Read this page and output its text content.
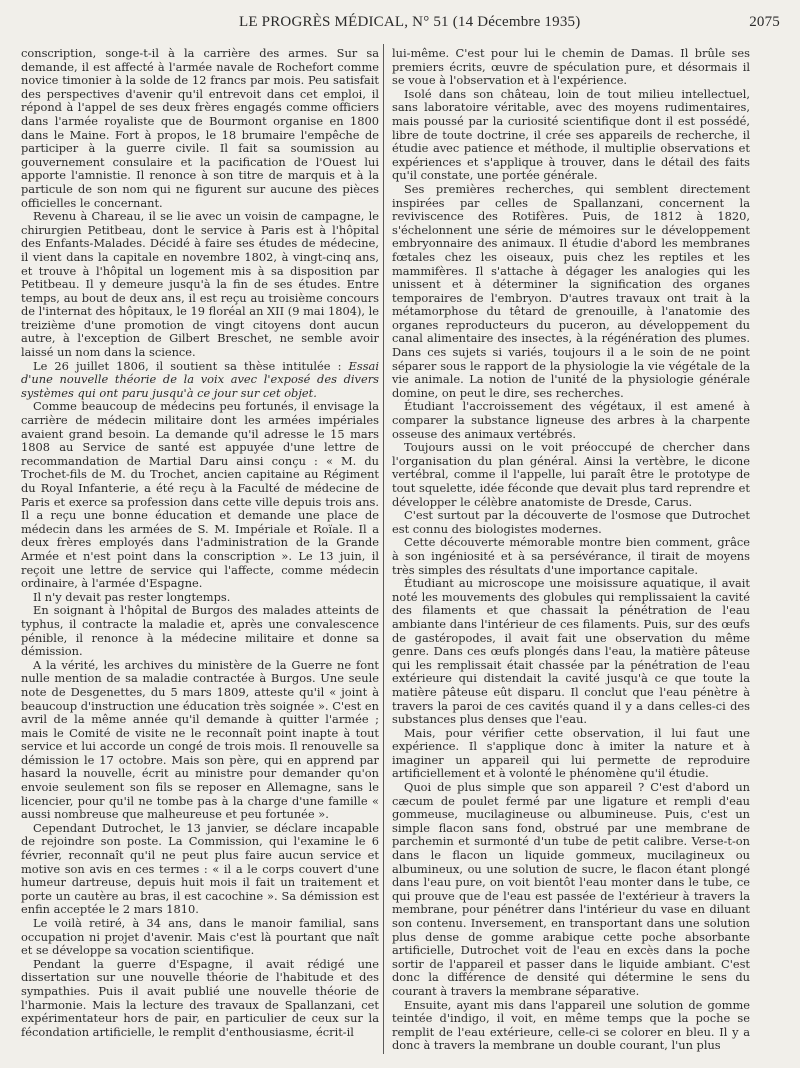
LE PROGRÈS MÉDICAL, N° 51 (14 Décembre 1935)	2075

conscription, songe-t-il à la carrière des armes. Sur sa demande, il est affecté à l'armée navale de Rochefort comme novice timonier à la solde de 12 francs par mois. Peu satisfait des perspectives d'avenir qu'il entrevoit dans cet emploi, il répond à l'appel de ses deux frères engagés comme officiers dans l'armée royaliste que de Bourmont organise en 1800 dans le Maine. Fort à propos, le 18 brumaire l'empêche de participer à la guerre civile. Il fait sa soumission au gouvernement consulaire et la pacification de l'Ouest lui apporte l'amnistie. Il renonce à son titre de marquis et à la particule de son nom qui ne figurent sur aucune des pièces officielles le concernant.

Revenu à Chareau, il se lie avec un voisin de campagne, le chirurgien Petitbeau, dont le service à Paris est à l'hôpital des Enfants-Malades. Décidé à faire ses études de médecine, il vient dans la capitale en novembre 1802, à vingt-cinq ans, et trouve à l'hôpital un logement mis à sa disposition par Petitbeau. Il y demeure jusqu'à la fin de ses études. Entre temps, au bout de deux ans, il est reçu au troisième concours de l'internat des hôpitaux, le 19 floréal an XII (9 mai 1804), le treizième d'une promotion de vingt citoyens dont aucun autre, à l'exception de Gilbert Breschet, ne semble avoir laissé un nom dans la science.

Le 26 juillet 1806, il soutient sa thèse intitulée : Essai d'une nouvelle théorie de la voix avec l'exposé des divers systèmes qui ont paru jusqu'à ce jour sur cet objet.

Comme beaucoup de médecins peu fortunés, il envisage la carrière de médecin militaire dont les armées impériales avaient grand besoin. La demande qu'il adresse le 15 mars 1808 au Service de santé est appuyée d'une lettre de recommandation de Martial Daru ainsi conçu : « M. du Trochet-fils de M. du Trochet, ancien capitaine au Régiment du Royal Infanterie, a été reçu à la Faculté de médecine de Paris et exerce sa profession dans cette ville depuis trois ans. Il a reçu une bonne éducation et demande une place de médecin dans les armées de S. M. Impériale et Roïale. Il a deux frères employés dans l'administration de la Grande Armée et n'est point dans la conscription ». Le 13 juin, il reçoit une lettre de service qui l'affecte, comme médecin ordinaire, à l'armée d'Espagne.

Il n'y devait pas rester longtemps.

En soignant à l'hôpital de Burgos des malades atteints de typhus, il contracte la maladie et, après une convalescence pénible, il renonce à la médecine militaire et donne sa démission.

A la vérité, les archives du ministère de la Guerre ne font nulle mention de sa maladie contractée à Burgos. Une seule note de Desgenettes, du 5 mars 1809, atteste qu'il « joint à beaucoup d'instruction une éducation très soignée ». C'est en avril de la même année qu'il demande à quitter l'armée ; mais le Comité de visite ne le reconnaît point inapte à tout service et lui accorde un congé de trois mois. Il renouvelle sa démission le 17 octobre. Mais son père, qui en apprend par hasard la nouvelle, écrit au ministre pour demander qu'on envoie seulement son fils se reposer en Allemagne, sans le licencier, pour qu'il ne tombe pas à la charge d'une famille « aussi nombreuse que malheureuse et peu fortunée ».

Cependant Dutrochet, le 13 janvier, se déclare incapable de rejoindre son poste. La Commission, qui l'examine le 6 février, reconnaît qu'il ne peut plus faire aucun service et motive son avis en ces termes : « il a le corps couvert d'une humeur dartreuse, depuis huit mois il fait un traitement et porte un cautère au bras, il est cacochine ». Sa démission est enfin acceptée le 2 mars 1810.

Le voilà retiré, à 34 ans, dans le manoir familial, sans occupation ni projet d'avenir. Mais c'est là pourtant que naît et se développe sa vocation scientifique.

Pendant la guerre d'Espagne, il avait rédigé une dissertation sur une nouvelle théorie de l'habitude et des sympathies. Puis il avait publié une nouvelle théorie de l'harmonie. Mais la lecture des travaux de Spallanzani, cet expérimentateur hors de pair, en particulier de ceux sur la fécondation artificielle, le remplit d'enthousiasme, écrit-il

lui-même. C'est pour lui le chemin de Damas. Il brûle ses premiers écrits, œuvre de spéculation pure, et désormais il se voue à l'observation et à l'expérience.

Isolé dans son château, loin de tout milieu intellectuel, sans laboratoire véritable, avec des moyens rudimentaires, mais poussé par la curiosité scientifique dont il est possédé, libre de toute doctrine, il crée ses appareils de recherche, il étudie avec patience et méthode, il multiplie observations et expériences et s'applique à trouver, dans le détail des faits qu'il constate, une portée générale.

Ses premières recherches, qui semblent directement inspirées par celles de Spallanzani, concernent la reviviscence des Rotifères. Puis, de 1812 à 1820, s'échelonnent une série de mémoires sur le développement embryonnaire des animaux. Il étudie d'abord les membranes fœtales chez les oiseaux, puis chez les reptiles et les mammifères. Il s'attache à dégager les analogies qui les unissent et à déterminer la signification des organes temporaires de l'embryon. D'autres travaux ont trait à la métamorphose du têtard de grenouille, à l'anatomie des organes reproducteurs du puceron, au développement du canal alimentaire des insectes, à la régénération des plumes. Dans ces sujets si variés, toujours il a le soin de ne point séparer sous le rapport de la physiologie la vie végétale de la vie animale. La notion de l'unité de la physiologie générale domine, on peut le dire, ses recherches.

Étudiant l'accroissement des végétaux, il est amené à comparer la substance ligneuse des arbres à la charpente osseuse des animaux vertébrés.

Toujours aussi on le voit préoccupé de chercher dans l'organisation du plan général. Ainsi la vertèbre, le dicone vertébral, comme il l'appelle, lui paraît être le prototype de tout squelette, idée féconde que devait plus tard reprendre et développer le célèbre anatomiste de Dresde, Carus.

C'est surtout par la découverte de l'osmose que Dutrochet est connu des biologistes modernes.

Cette découverte mémorable montre bien comment, grâce à son ingéniosité et à sa persévérance, il tirait de moyens très simples des résultats d'une importance capitale.

Étudiant au microscope une moisissure aquatique, il avait noté les mouvements des globules qui remplissaient la cavité des filaments et que chassait la pénétration de l'eau ambiante dans l'intérieur de ces filaments. Puis, sur des œufs de gastéropodes, il avait fait une observation du même genre. Dans ces œufs plongés dans l'eau, la matière pâteuse qui les remplissait était chassée par la pénétration de l'eau extérieure qui distendait la cavité jusqu'à ce que toute la matière pâteuse eût disparu. Il conclut que l'eau pénètre à travers la paroi de ces cavités quand il y a dans celles-ci des substances plus denses que l'eau.

Mais, pour vérifier cette observation, il lui faut une expérience. Il s'applique donc à imiter la nature et à imaginer un appareil qui lui permette de reproduire artificiellement et à volonté le phénomène qu'il étudie.

Quoi de plus simple que son appareil ? C'est d'abord un cæcum de poulet fermé par une ligature et rempli d'eau gommeuse, mucilagineuse ou albumineuse. Puis, c'est un simple flacon sans fond, obstrué par une membrane de parchemin et surmonté d'un tube de petit calibre. Verse-t-on dans le flacon un liquide gommeux, mucilagineux ou albumineux, ou une solution de sucre, le flacon étant plongé dans l'eau pure, on voit bientôt l'eau monter dans le tube, ce qui prouve que de l'eau est passée de l'extérieur à travers la membrane, pour pénétrer dans l'intérieur du vase en diluant son contenu. Inversement, en transportant dans une solution plus dense de gomme arabique cette poche absorbante artificielle, Dutrochet voit de l'eau en excès dans la poche sortir de l'appareil et passer dans le liquide ambiant. C'est donc la différence de densité qui détermine le sens du courant à travers la membrane séparative.

Ensuite, ayant mis dans l'appareil une solution de gomme teintée d'indigo, il voit, en même temps que la poche se remplit de l'eau extérieure, celle-ci se colorer en bleu. Il y a donc à travers la membrane un double courant, l'un plus
